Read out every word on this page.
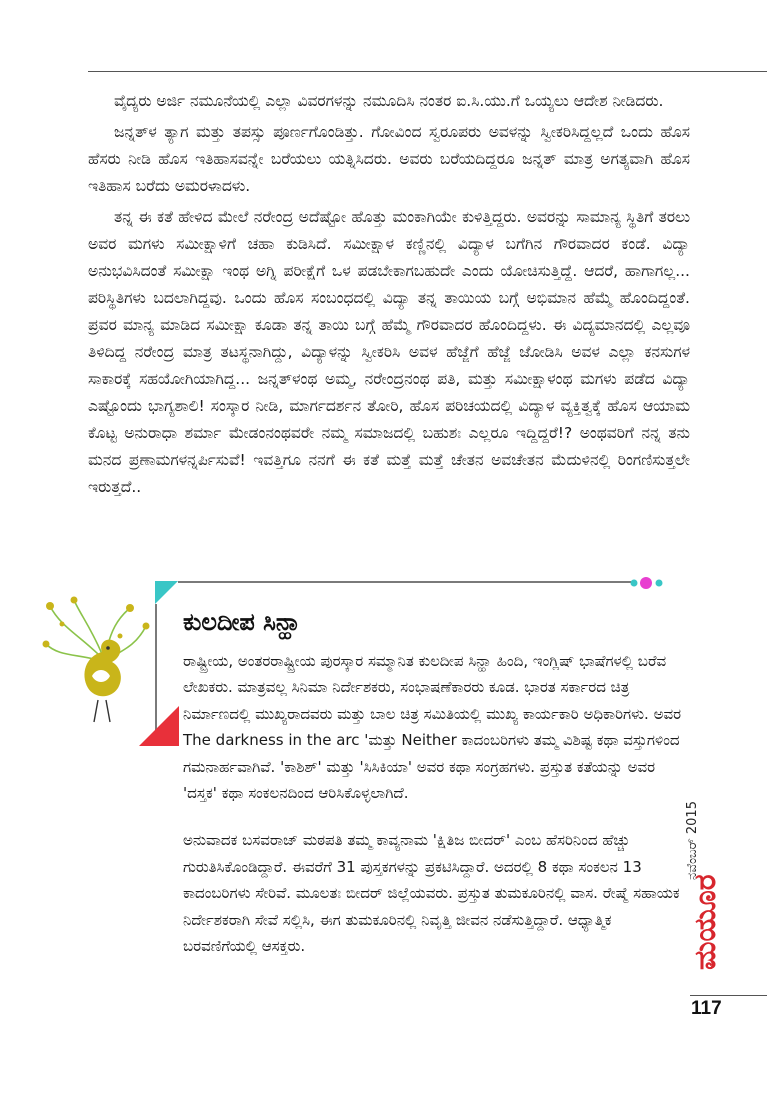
ವೈದ್ಯರು ಅರ್ಜಿ ನಮೂನೆಯಲ್ಲಿ ಎಲ್ಲಾ ವಿವರಗಳನ್ನು ನಮೂದಿಸಿ ನಂತರ ಐ.ಸಿ.ಯು.ಗೆ ಒಯ್ಯಲು ಆದೇಶ ನೀಡಿದರು.

ಜನ್ನತ್‌ಳ ತ್ಯಾಗ ಮತ್ತು ತಪಸ್ಸು ಪೂರ್ಣಗೊಂಡಿತ್ತು. ಗೋವಿಂದ ಸ್ವರೂಪರು ಅವಳನ್ನು ಸ್ವೀಕರಿಸಿದ್ದಲ್ಲದೆ ಒಂದು ಹೊಸ ಹೆಸರು ನೀಡಿ ಹೊಸ ಇತಿಹಾಸವನ್ನೇ ಬರೆಯಲು ಯತ್ನಿಸಿದರು. ಅವರು ಬರೆಯದಿದ್ದರೂ ಜನ್ನತ್ ಮಾತ್ರ ಅಗತ್ಯವಾಗಿ ಹೊಸ ಇತಿಹಾಸ ಬರೆದು ಅಮರಳಾದಳು.

ತನ್ನ ಈ ಕತೆ ಹೇಳಿದ ಮೇಲೆ ನರೇಂದ್ರ ಅದೆಷ್ಟೋ ಹೊತ್ತು ಮಂಕಾಗಿಯೇ ಕುಳಿತ್ತಿದ್ದರು. ಅವರನ್ನು ಸಾಮಾನ್ಯ ಸ್ಥಿತಿಗೆ ತರಲು ಅವರ ಮಗಳು ಸಮೀಕ್ಷಾಳಿಗೆ ಚಹಾ ಕುಡಿಸಿದೆ. ಸಮೀಕ್ಷಾಳ ಕಣ್ಣಿನಲ್ಲಿ ವಿದ್ಯಾಳ ಬಗೆಗಿನ ಗೌರವಾದರ ಕಂಡೆ. ವಿದ್ಯಾ ಅನುಭವಿಸಿದಂತೆ ಸಮೀಕ್ಷಾ ಇಂಥ ಅಗ್ನಿ ಪರೀಕ್ಷೆಗೆ ಒಳ ಪಡಬೇಕಾಗಬಹುದೇ ಎಂದು ಯೋಚಿಸುತ್ತಿದ್ದೆ. ಆದರೆ, ಹಾಗಾಗಲ್ಲ... ಪರಿಸ್ಥಿತಿಗಳು ಬದಲಾಗಿದ್ದವು. ಒಂದು ಹೊಸ ಸಂಬಂಧದಲ್ಲಿ ವಿದ್ಯಾ ತನ್ನ ತಾಯಿಯ ಬಗ್ಗೆ ಅಭಿಮಾನ ಹೆಮ್ಮೆ ಹೊಂದಿದ್ದಂತೆ. ಪ್ರವರ ಮಾನ್ಯ ಮಾಡಿದ ಸಮೀಕ್ಷಾ ಕೂಡಾ ತನ್ನ ತಾಯಿ ಬಗ್ಗೆ ಹೆಮ್ಮೆ ಗೌರವಾದರ ಹೊಂದಿದ್ದಳು. ಈ ವಿದ್ಯಮಾನದಲ್ಲಿ ಎಲ್ಲವೂ ತಿಳಿದಿದ್ದ ನರೇಂದ್ರ ಮಾತ್ರ ತಟಸ್ಥನಾಗಿದ್ದು, ವಿದ್ಯಾಳನ್ನು ಸ್ವೀಕರಿಸಿ ಅವಳ ಹೆಜ್ಜೆಗೆ ಹೆಜ್ಜೆ ಜೋಡಿಸಿ ಅವಳ ಎಲ್ಲಾ ಕನಸುಗಳ ಸಾಕಾರಕ್ಕೆ ಸಹಯೋಗಿಯಾಗಿದ್ದ... ಜನ್ನತ್‌ಳಂಥ ಅಮ್ಮ, ನರೇಂದ್ರನಂಥ ಪತಿ, ಮತ್ತು ಸಮೀಕ್ಷಾಳಂಥ ಮಗಳು ಪಡೆದ ವಿದ್ಯಾ ಎಷ್ಟೊಂದು ಭಾಗ್ಯಶಾಲಿ! ಸಂಸ್ಕಾರ ನೀಡಿ, ಮಾರ್ಗದರ್ಶನ ತೋರಿ, ಹೊಸ ಪರಿಚಯದಲ್ಲಿ ವಿದ್ಯಾಳ ವ್ಯಕ್ತಿತ್ವಕ್ಕೆ ಹೊಸ ಆಯಾಮ ಕೊಟ್ಟ ಅನುರಾಧಾ ಶರ್ಮಾ ಮೇಡಂನಂಥವರೇ ನಮ್ಮ ಸಮಾಜದಲ್ಲಿ ಬಹುಶಃ ಎಲ್ಲರೂ ಇದ್ದಿದ್ದರೆ!? ಅಂಥವರಿಗೆ ನನ್ನ ತನು ಮನದ ಪ್ರಣಾಮಗಳನ್ನರ್ಪಿಸುವೆ! ಇವತ್ತಿಗೂ ನನಗೆ ಈ ಕತೆ ಮತ್ತೆ ಮತ್ತೆ ಚೇತನ ಅವಚೇತನ ಮೆದುಳಿನಲ್ಲಿ ರಿಂಗಣಿಸುತ್ತಲೇ ಇರುತ್ತದೆ..

ಕುಲದೀಪ ಸಿನ್ಹಾ

ರಾಷ್ಟ್ರೀಯ, ಅಂತರರಾಷ್ಟ್ರೀಯ ಪುರಸ್ಕಾರ ಸಮ್ಮಾನಿತ ಕುಲದೀಪ ಸಿನ್ಹಾ ಹಿಂದಿ, ಇಂಗ್ಲಿಷ್ ಭಾಷೆಗಳಲ್ಲಿ ಬರೆವ ಲೇಖಕರು. ಮಾತ್ರವಲ್ಲ ಸಿನಿಮಾ ನಿರ್ದೇಶಕರು, ಸಂಭಾಷಣೆಕಾರರು ಕೂಡ. ಭಾರತ ಸರ್ಕಾರದ ಚಿತ್ರ ನಿರ್ಮಾಣದಲ್ಲಿ ಮುಖ್ಯರಾದವರು ಮತ್ತು ಬಾಲ ಚಿತ್ರ ಸಮಿತಿಯಲ್ಲಿ ಮುಖ್ಯ ಕಾರ್ಯಕಾರಿ ಅಧಿಕಾರಿಗಳು. ಅವರ The darkness in the arc 'ಮತ್ತು Neither ಕಾದಂಬರಿಗಳು ತಮ್ಮ ವಿಶಿಷ್ಟ ಕಥಾ ವಸ್ತುಗಳಿಂದ ಗಮನಾರ್ಹವಾಗಿವೆ. 'ಕಾಶಿಶ್' ಮತ್ತು 'ಸಿಸಿಕಿಯಾ' ಅವರ ಕಥಾ ಸಂಗ್ರಹಗಳು. ಪ್ರಸ್ತುತ ಕತೆಯನ್ನು ಅವರ 'ದಸ್ತಕ' ಕಥಾ ಸಂಕಲನದಿಂದ ಆರಿಸಿಕೊಳ್ಳಲಾಗಿದೆ.

ಅನುವಾದಕ ಬಸವರಾಜ್ ಮಠಪತಿ ತಮ್ಮ ಕಾವ್ಯನಾಮ 'ಕ್ಷಿತಿಜ ಬೀದರ್' ಎಂಬ ಹೆಸರಿನಿಂದ ಹೆಚ್ಚು ಗುರುತಿಸಿಕೊಂಡಿದ್ದಾರೆ. ಈವರೆಗೆ 31 ಪುಸ್ತಕಗಳನ್ನು ಪ್ರಕಟಿಸಿದ್ದಾರೆ. ಅದರಲ್ಲಿ 8 ಕಥಾ ಸಂಕಲನ 13 ಕಾದಂಬರಿಗಳು ಸೇರಿವೆ. ಮೂಲತಃ ಬೀದರ್ ಜಿಲ್ಲೆಯವರು. ಪ್ರಸ್ತುತ ತುಮಕೂರಿನಲ್ಲಿ ವಾಸ. ರೇಷ್ಮೆ ಸಹಾಯಕ ನಿರ್ದೇಶಕರಾಗಿ ಸೇವೆ ಸಲ್ಲಿಸಿ, ಈಗ ತುಮಕೂರಿನಲ್ಲಿ ನಿವೃತ್ತಿ ಜೀವನ ನಡೆಸುತ್ತಿದ್ದಾರೆ. ಆಧ್ಯಾತ್ಮಿಕ ಬರವಣಿಗೆಯಲ್ಲಿ ಆಸಕ್ತರು.

ನವೆಂಬರ್ 2015
ಮಯೂರ
117
